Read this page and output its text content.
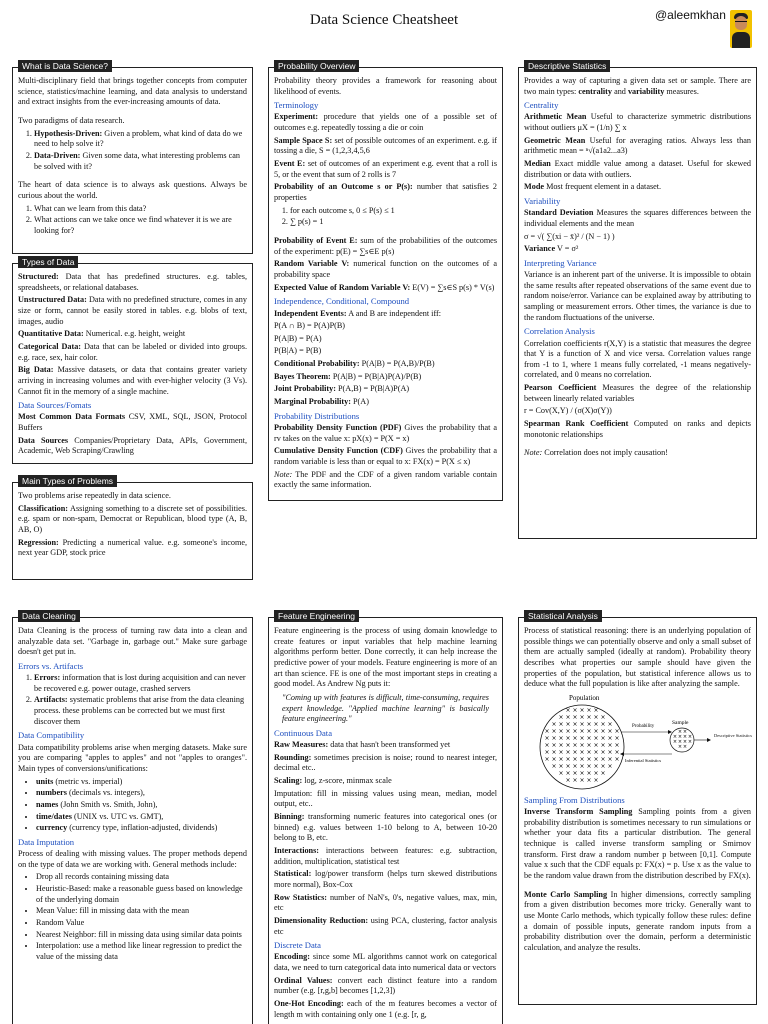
Data Science Cheatsheet	@aleemkhan

Multi-disciplinary field that brings together concepts from computer science, statistics/machine learning, and data analysis to understand and extract insights from the ever-increasing amounts of data.

Two paradigms of data research.

1. Hypothesis-Driven: Given a problem, what kind of data do we need to help solve it?
2. Data-Driven: Given some data, what interesting problems can be solved with it?

The heart of data science is to always ask questions. Always be curious about the world.

1. What can we learn from this data?
2. What actions can we take once we find whatever it is we are looking for?
What is Data Science?

Structured: Data that has predefined structures. e.g. tables, spreadsheets, or relational databases.

Unstructured Data: Data with no predefined structure, comes in any size or form, cannot be easily stored in tables. e.g. blobs of text, images, audio

Quantitative Data: Numerical. e.g. height, weight

Categorical Data: Data that can be labeled or divided into groups. e.g. race, sex, hair color.

Big Data: Massive datasets, or data that contains greater variety arriving in increasing volumes and with ever-higher velocity (3 Vs). Cannot fit in the memory of a single machine.

Data Sources/Fomats

Most Common Data Formats CSV, XML, SQL, JSON, Protocol Buffers

Data Sources Companies/Proprietary Data, APIs, Government, Academic, Web Scraping/Crawling

Types of Data

Two problems arise repeatedly in data science.

Classification: Assigning something to a discrete set of possibilities. e.g. spam or non-spam, Democrat or Republican, blood type (A, B, AB, O)

Regression: Predicting a numerical value. e.g. someone's income, next year GDP, stock price

Main Types of Problems

Probability theory provides a framework for reasoning about likelihood of events.

Terminology

Experiment: procedure that yields one of a possible set of outcomes e.g. repeatedly tossing a die or coin

Sample Space S: set of possible outcomes of an experiment. e.g. if tossing a die, S = (1,2,3,4,5,6

Event E: set of outcomes of an experiment e.g. event that a roll is 5, or the event that sum of 2 rolls is 7

Probability of an Outcome s or P(s): number that satisfies 2 properties

1. for each outcome s, 0 ≤ P(s) ≤ 1
2. ∑ p(s) = 1

Probability of Event E: sum of the probabilities of the outcomes of the experiment: p(E) = ∑s∈E p(s)

Random Variable V: numerical function on the outcomes of a probability space

Expected Value of Random Variable V: E(V) = ∑s∈S p(s) * V(s)

Independence, Conditional, Compound

Independent Events: A and B are independent iff:

P(A ∩ B) = P(A)P(B)

P(A|B) = P(A)

P(B|A) = P(B)

Conditional Probability: P(A|B) = P(A,B)/P(B)

Bayes Theorem: P(A|B) = P(B|A)P(A)/P(B)

Joint Probability: P(A,B) = P(B|A)P(A)

Marginal Probability: P(A)

Probability Distributions

Probability Density Function (PDF) Gives the probability that a rv takes on the value x: pX(x) = P(X = x)

Cumulative Density Function (CDF) Gives the probability that a random variable is less than or equal to x: FX(x) = P(X ≤ x)

Note: The PDF and the CDF of a given random variable contain exactly the same information.

Probability Overview

Provides a way of capturing a given data set or sample. There are two main types: centrality and variability measures.

Centrality

Arithmetic Mean Useful to characterize symmetric distributions without outliers μX = (1/n) ∑ x

Geometric Mean Useful for averaging ratios. Always less than arithmetic mean = ⁿ√(a1a2...a3)

Median Exact middle value among a dataset. Useful for skewed distribution or data with outliers.

Mode Most frequent element in a dataset.

Variability

Standard Deviation Measures the squares differences between the individual elements and the mean

σ = √( ∑(xi − x̄)² / (N − 1) )

Variance V = σ²

Interpreting Variance

Variance is an inherent part of the universe. It is impossible to obtain the same results after repeated observations of the same event due to random noise/error. Variance can be explained away by attributing to sampling or measurement errors. Other times, the variance is due to the random fluctuations of the universe.

Correlation Analysis

Correlation coefficients r(X,Y) is a statistic that measures the degree that Y is a function of X and vice versa. Correlation values range from -1 to 1, where 1 means fully correlated, -1 means negatively-correlated, and 0 means no correlation.

Pearson Coefficient Measures the degree of the relationship between linearly related variables

r = Cov(X,Y) / (σ(X)σ(Y))

Spearman Rank Coefficient Computed on ranks and depicts monotonic relationships

Note: Correlation does not imply causation!

Descriptive Statistics

Data Cleaning is the process of turning raw data into a clean and analyzable data set. "Garbage in, garbage out." Make sure garbage doesn't get put in.

Errors vs. Artifacts
1. Errors: information that is lost during acquisition and can never be recovered e.g. power outage, crashed servers
2. Artifacts: systematic problems that arise from the data cleaning process. these problems can be corrected but we must first discover them
Data Compatibility

Data compatibility problems arise when merging datasets. Make sure you are comparing "apples to apples" and not "apples to oranges". Main types of conversions/unifications:

• units (metric vs. imperial)
• numbers (decimals vs. integers),
• names (John Smith vs. Smith, John),
• time/dates (UNIX vs. UTC vs. GMT),
• currency (currency type, inflation-adjusted, dividends)
Data Imputation

Process of dealing with missing values. The proper methods depend on the type of data we are working with. General methods include:

• Drop all records containing missing data
• Heuristic-Based: make a reasonable guess based on knowledge of the underlying domain
• Mean Value: fill in missing data with the mean
• Random Value
• Nearest Neighbor: fill in missing data using similar data points
• Interpolation: use a method like linear regression to predict the value of the missing data
Data Cleaning

Feature engineering is the process of using domain knowledge to create features or input variables that help machine learning algorithms perform better. Done correctly, it can help increase the predictive power of your models. Feature engineering is more of an art than science. FE is one of the most important steps in creating a good model. As Andrew Ng puts it:

"Coming up with features is difficult, time-consuming, requires expert knowledge. "Applied machine learning" is basically feature engineering."

Continuous Data

Raw Measures: data that hasn't been transformed yet

Rounding: sometimes precision is noise; round to nearest integer, decimal etc..

Scaling: log, z-score, minmax scale

Imputation: fill in missing values using mean, median, model output, etc..

Binning: transforming numeric features into categorical ones (or binned) e.g. values between 1-10 belong to A, between 10-20 belong to B, etc.

Interactions: interactions between features: e.g. subtraction, addition, multiplication, statistical test

Statistical: log/power transform (helps turn skewed distributions more normal), Box-Cox

Row Statistics: number of NaN's, 0's, negative values, max, min, etc

Dimensionality Reduction: using PCA, clustering, factor analysis etc

Discrete Data

Encoding: since some ML algorithms cannot work on categorical data, we need to turn categorical data into numerical data or vectors

Ordinal Values: convert each distinct feature into a random number (e.g. [r,g,b] becomes [1,2,3])

One-Hot Encoding: each of the m features becomes a vector of length m with containing only one 1 (e.g. [r, g,

Feature Engineering

Process of statistical reasoning: there is an underlying population of possible things we can potentially observe and only a small subset of them are actually sampled (ideally at random). Probability theory describes what properties our sample should have given the properties of the population, but statistical inference allows us to deduce what the full population is like after analyzing the sample.

Population
× × × × ×
× × × × × × ×
× × × × × × × × ×
× × × × × × × × × × ×
× × × × × × × × × × ×
× × × × × × × × × × ×
× × × × × × × × × × ×
× × × × × × × × × × ×
× × × × × × × × ×
× × × × × × ×
× × × × ×
Sample
× ×
× × × ×
× × × ×
× ×
Probability
Inferential Statistics
Descriptive Statistics
Sampling From Distributions

Inverse Transform Sampling Sampling points from a given probability distribution is sometimes necessary to run simulations or whether your data fits a particular distribution. The general technique is called inverse transform sampling or Smirnov transform. First draw a random number p between [0,1]. Compute value x such that the CDF equals p: FX(x) = p. Use x as the value to be the random value drawn from the distribution described by FX(x).

Monte Carlo Sampling In higher dimensions, correctly sampling from a given distribution becomes more tricky. Generally want to use Monte Carlo methods, which typically follow these rules: define a domain of possible inputs, generate random inputs from a probability distribution over the domain, perform a deterministic calculation, and analyze the results.

Statistical Analysis
